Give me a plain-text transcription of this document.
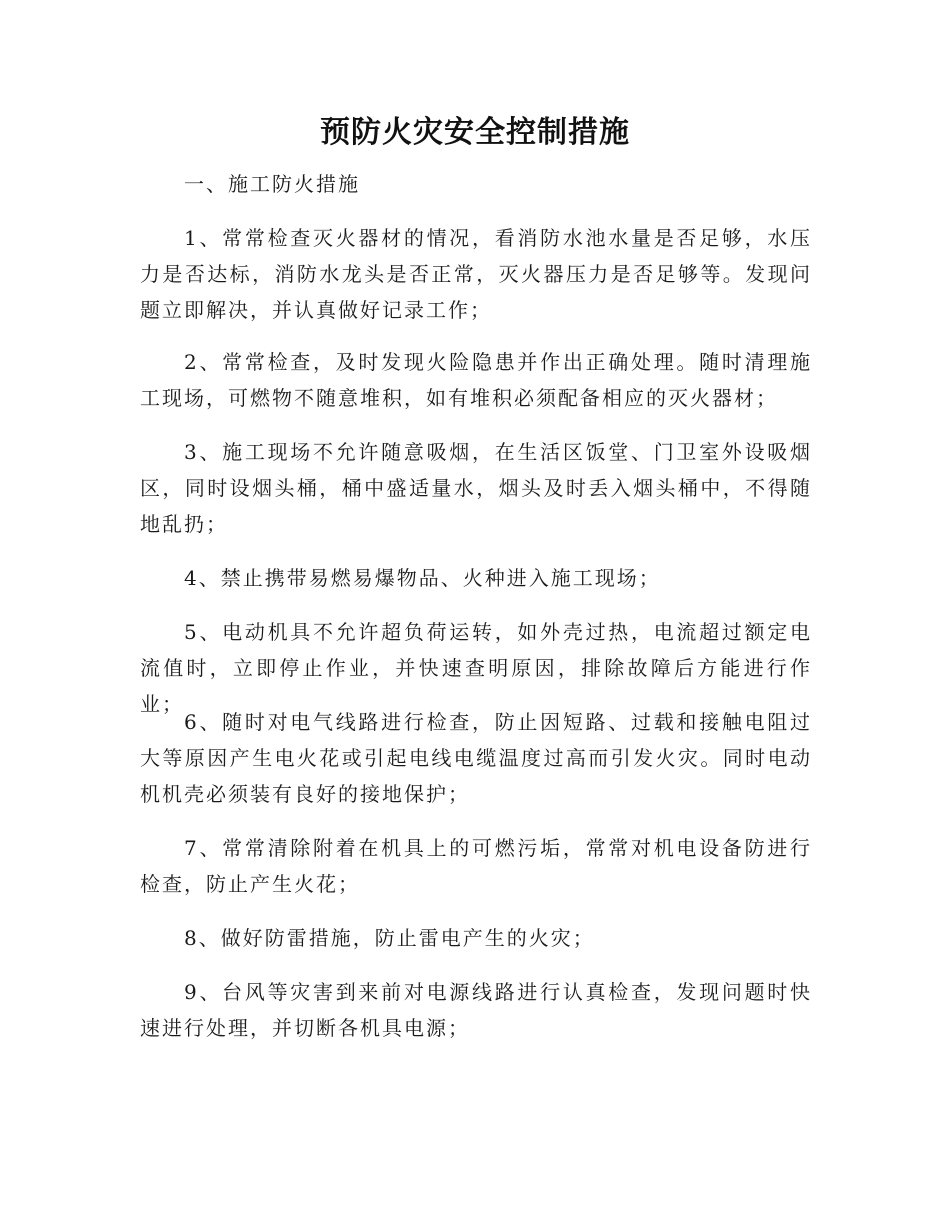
预防火灾安全控制措施
一、施工防火措施
1、常常检查灭火器材的情况，看消防水池水量是否足够，水压力是否达标，消防水龙头是否正常，灭火器压力是否足够等。发现问题立即解决，并认真做好记录工作；
2、常常检查，及时发现火险隐患并作出正确处理。随时清理施工现场，可燃物不随意堆积，如有堆积必须配备相应的灭火器材；
3、施工现场不允许随意吸烟，在生活区饭堂、门卫室外设吸烟区，同时设烟头桶，桶中盛适量水，烟头及时丢入烟头桶中，不得随地乱扔；
4、禁止携带易燃易爆物品、火种进入施工现场；
5、电动机具不允许超负荷运转，如外壳过热，电流超过额定电流值时，立即停止作业，并快速查明原因，排除故障后方能进行作业；
6、随时对电气线路进行检查，防止因短路、过载和接触电阻过大等原因产生电火花或引起电线电缆温度过高而引发火灾。同时电动机机壳必须装有良好的接地保护；
7、常常清除附着在机具上的可燃污垢，常常对机电设备防进行检查，防止产生火花；
8、做好防雷措施，防止雷电产生的火灾；
9、台风等灾害到来前对电源线路进行认真检查，发现问题时快速进行处理，并切断各机具电源；
